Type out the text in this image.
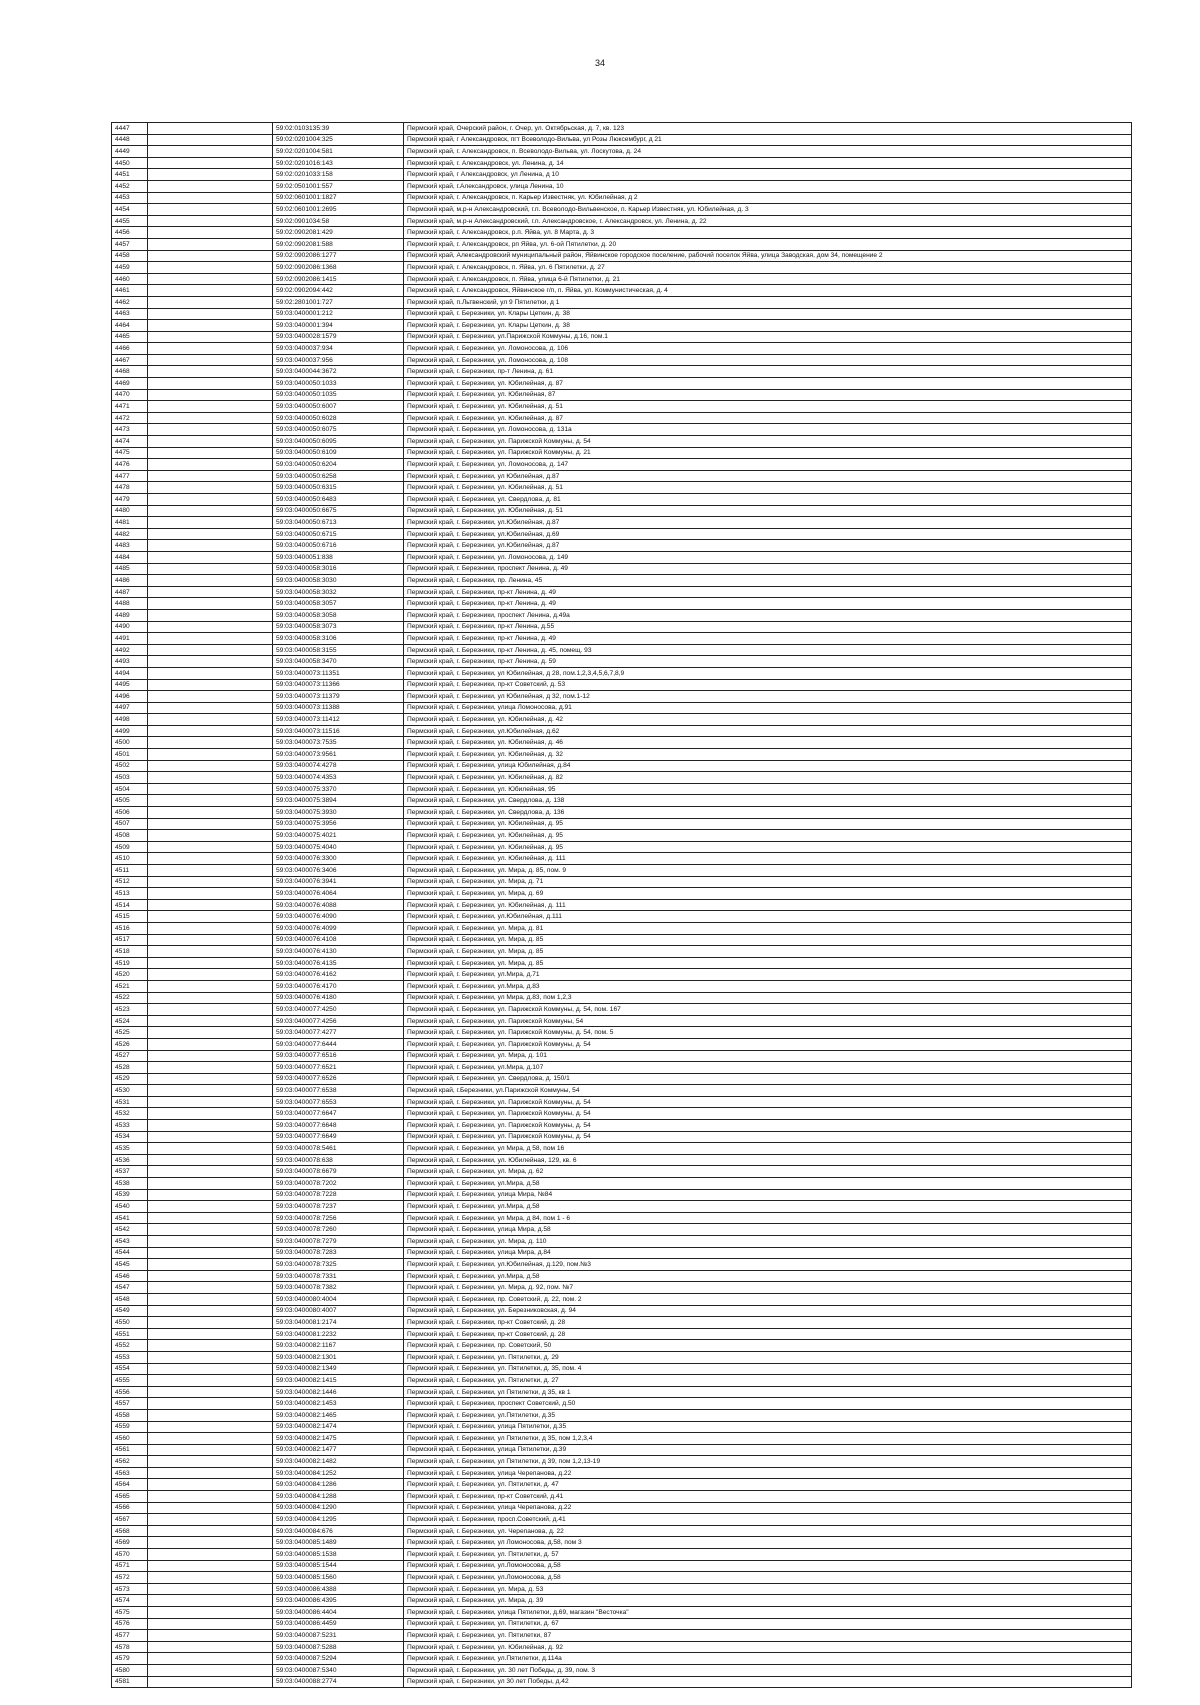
34
4447		59:02:0103135:39	Пермский край, Очерский район, г. Очер, ул. Октябрьская, д. 7, кв. 123
4448		59:02:0201004:325	Пермский край, г Александровск, пгт Всеволодо-Вильва, ул Розы Люксембург, д 21
4449		59:02:0201004:581	Пермский край, г. Александровск, п. Всеволодо-Вильва, ул. Лоскутова, д. 24
4450		59:02:0201016:143	Пермский край, г. Александровск, ул. Ленина, д. 14
4451		59:02:0201033:158	Пермский край, г Александровск, ул Ленина, д 10
4452		59:02:0501001:557	Пермский край, г.Александровск, улица Ленина, 10
4453		59:02:0601001:1827	Пермский край, г. Александровск, п. Карьер Известняк, ул. Юбилейная, д 2
4454		59:02:0601001:2695	Пермский край, м.р-н Александровский, г.п. Всеволодо-Вильвенское, п. Карьер Известняк, ул. Юбилейная, д. 3
4455		59:02:0901034:58	Пермский край, м.р-н Александровский, г.п. Александровское, г. Александровск, ул. Ленина, д. 22
4456		59:02:0902081:429	Пермский край, г. Александровск, р.п. Яйва, ул. 8 Марта, д. 3
4457		59:02:0902081:588	Пермский край, г. Александровск, рп Яйва, ул. 6-ой Пятилетки, д. 20
4458		59:02:0902086:1277	Пермский край, Александровский муниципальный район, Яйвинское городское поселение, рабочий поселок Яйва, улица Заводская, дом 34, помещение 2
4459		59:02:0902086:1368	Пермский край, г. Александровск, п. Яйва, ул. 6 Пятилетки, д. 27
4460		59:02:0902086:1415	Пермский край, г. Александровск, п. Яйва, улица 6-й Пятилетки, д. 21
4461		59:02:0902094:442	Пермский край, г. Александровск, Яйвинское г/п, п. Яйва, ул. Коммунистическая, д. 4
4462		59:02:2801001:727	Пермский край, п.Льтвенский, ул 9 Пятилетки, д 1
4463		59:03:0400001:212	Пермский край, г. Березники, ул. Клары Цеткин, д. 38
4464		59:03:0400001:394	Пермский край, г. Березники, ул. Клары Цеткин, д. 38
4465		59:03:0400028:1579	Пермский край, г. Березники, ул.Парижской Коммуны, д.16, пом.1
4466		59:03:0400037:934	Пермский край, г. Березники, ул. Ломоносова, д. 106
4467		59:03:0400037:956	Пермский край, г. Березники, ул. Ломоносова, д. 108
4468		59:03:0400044:3672	Пермский край, г. Березники, пр-т Ленина, д. 61
4469		59:03:0400050:1033	Пермский край, г. Березники, ул. Юбилейная, д. 87
4470		59:03:0400050:1035	Пермский край, г. Березники, ул. Юбилейная, 87
4471		59:03:0400050:6007	Пермский край, г. Березники, ул. Юбилейная, д. 51
4472		59:03:0400050:6028	Пермский край, г. Березники, ул. Юбилейная, д. 87
4473		59:03:0400050:6075	Пермский край, г. Березники, ул. Ломоносова, д. 131а
4474		59:03:0400050:6095	Пермский край, г. Березники, ул. Парижской Коммуны, д. 54
4475		59:03:0400050:6109	Пермский край, г. Березники, ул. Парижской Коммуны, д. 21
4476		59:03:0400050:6204	Пермский край, г. Березники, ул. Ломоносова, д. 147
4477		59:03:0400050:6258	Пермский край, г. Березники, ул Юбилейная, д.87
4478		59:03:0400050:6315	Пермский край, г. Березники, ул. Юбилейная, д. 51
4479		59:03:0400050:6483	Пермский край, г. Березники, ул. Свердлова, д. 81
4480		59:03:0400050:6675	Пермский край, г. Березники, ул. Юбилейная, д. 51
4481		59:03:0400050:6713	Пермский край, г. Березники, ул.Юбилейная, д.87
4482		59:03:0400050:6715	Пермский край, г. Березники, ул.Юбилейная, д.69
4483		59:03:0400050:6716	Пермский край, г. Березники, ул.Юбилейная, д.87
4484		59:03:0400051:838	Пермский край, г. Березники, ул. Ломоносова, д. 149
4485		59:03:0400058:3016	Пермский край, г. Березники, проспект Ленина, д. 49
4486		59:03:0400058:3030	Пермский край, г. Березники, пр. Ленина, 45
4487		59:03:0400058:3032	Пермский край, г. Березники, пр-кт Ленина, д. 49
4488		59:03:0400058:3057	Пермский край, г. Березники, пр-кт Ленина, д. 49
4489		59:03:0400058:3058	Пермский край, г. Березники, проспект Ленина, д.49а
4490		59:03:0400058:3073	Пермский край, г. Березники, пр-кт Ленина, д.55
4491		59:03:0400058:3106	Пермский край, г. Березники, пр-кт Ленина, д. 49
4492		59:03:0400058:3155	Пермский край, г. Березники, пр-кт Ленина, д. 45, помещ. 93
4493		59:03:0400058:3470	Пермский край, г. Березники, пр-кт Ленина, д. 59
4494		59:03:0400073:11351	Пермский край, г. Березники, ул Юбилейная, д 28, пом.1,2,3,4,5,6,7,8,9
4495		59:03:0400073:11366	Пермский край, г. Березники, пр-кт Советский, д. 53
4496		59:03:0400073:11379	Пермский край, г. Березники, ул Юбилейная, д 32, пом.1-12
4497		59:03:0400073:11388	Пермский край, г. Березники, улица Ломоносова, д.91
4498		59:03:0400073:11412	Пермский край, г. Березники, ул. Юбилейная, д. 42
4499		59:03:0400073:11516	Пермский край, г. Березники, ул.Юбилейная, д.62
4500		59:03:0400073:7535	Пермский край, г. Березники, ул. Юбилейная, д. 46
4501		59:03:0400073:9561	Пермский край, г. Березники, ул. Юбилейная, д. 32
4502		59:03:0400074:4278	Пермский край, г. Березники, улица Юбилейная, д.84
4503		59:03:0400074:4353	Пермский край, г. Березники, ул. Юбилейная, д. 82
4504		59:03:0400075:3370	Пермский край, г. Березники, ул. Юбилейная, 95
4505		59:03:0400075:3894	Пермский край, г. Березники, ул. Свердлова, д. 138
4506		59:03:0400075:3930	Пермский край, г. Березники, ул. Свердлова, д. 136
4507		59:03:0400075:3956	Пермский край, г. Березники, ул. Юбилейная, д. 95
4508		59:03:0400075:4021	Пермский край, г. Березники, ул. Юбилейная, д. 95
4509		59:03:0400075:4040	Пермский край, г. Березники, ул. Юбилейная, д. 95
4510		59:03:0400076:3300	Пермский край, г. Березники, ул. Юбилейная, д. 111
4511		59:03:0400076:3406	Пермский край, г. Березники, ул. Мира, д. 85, пом. 9
4512		59:03:0400076:3941	Пермский край, г. Березники, ул. Мира, д. 71
4513		59:03:0400076:4064	Пермский край, г. Березники, ул. Мира, д. 69
4514		59:03:0400076:4088	Пермский край, г. Березники, ул. Юбилейная, д. 111
4515		59:03:0400076:4090	Пермский край, г. Березники, ул.Юбилейная, д.111
4516		59:03:0400076:4099	Пермский край, г. Березники, ул. Мира, д. 81
4517		59:03:0400076:4108	Пермский край, г. Березники, ул. Мира, д. 85
4518		59:03:0400076:4130	Пермский край, г. Березники, ул. Мира, д. 85
4519		59:03:0400076:4135	Пермский край, г. Березники, ул. Мира, д. 85
4520		59:03:0400076:4162	Пермский край, г. Березники, ул.Мира, д.71
4521		59:03:0400076:4170	Пермский край, г. Березники, ул.Мира, д.83
4522		59:03:0400076:4180	Пермский край, г. Березники, ул Мира, д.83, пом 1,2,3
4523		59:03:0400077:4250	Пермский край, г. Березники, ул. Парижской Коммуны, д. 54, пом. 167
4524		59:03:0400077:4256	Пермский край, г. Березники, ул. Парижской Коммуны, 54
4525		59:03:0400077:4277	Пермский край, г. Березники, ул. Парижской Коммуны, д. 54, пом. 5
4526		59:03:0400077:6444	Пермский край, г. Березники, ул. Парижской Коммуны, д. 54
4527		59:03:0400077:6516	Пермский край, г. Березники, ул. Мира, д. 101
4528		59:03:0400077:6521	Пермский край, г. Березники, ул.Мира, д.107
4529		59:03:0400077:6526	Пермский край, г. Березники, ул. Свердлова, д. 150/1
4530		59:03:0400077:6538	Пермский край, г.Березники, ул.Парижской Коммуны, 54
4531		59:03:0400077:6553	Пермский край, г. Березники, ул. Парижской Коммуны, д. 54
4532		59:03:0400077:6647	Пермский край, г. Березники, ул. Парижской Коммуны, д. 54
4533		59:03:0400077:6648	Пермский край, г. Березники, ул. Парижской Коммуны, д. 54
4534		59:03:0400077:6649	Пермский край, г. Березники, ул. Парижской Коммуны, д. 54
4535		59:03:0400078:5461	Пермский край, г. Березники, ул Мира, д 58, пом 16
4536		59:03:0400078:638	Пермский край, г. Березники, ул. Юбилейная, 129, кв. 6
4537		59:03:0400078:6679	Пермский край, г. Березники, ул. Мира, д. 62
4538		59:03:0400078:7202	Пермский край, г. Березники, ул.Мира, д.58
4539		59:03:0400078:7228	Пермский край, г. Березники, улица Мира, №84
4540		59:03:0400078:7237	Пермский край, г. Березники, ул.Мира, д.58
4541		59:03:0400078:7256	Пермский край, г. Березники, ул Мира, д 84, пом 1 - 6
4542		59:03:0400078:7260	Пермский край, г. Березники, улица Мира, д.58
4543		59:03:0400078:7279	Пермский край, г. Березники, ул. Мира, д. 110
4544		59:03:0400078:7283	Пермский край, г. Березники, улица Мира, д.84
4545		59:03:0400078:7325	Пермский край, г. Березники, ул.Юбилейная, д.129, пом.№3
4546		59:03:0400078:7331	Пермский край, г. Березники, ул.Мира, д.58
4547		59:03:0400078:7382	Пермский край, г. Березники, ул. Мира, д. 92, пом. №7
4548		59:03:0400080:4004	Пермский край, г. Березники, пр. Советский, д. 22, пом. 2
4549		59:03:0400080:4007	Пермский край, г. Березники, ул. Березниковская, д. 94
4550		59:03:0400081:2174	Пермский край, г. Березники, пр-кт Советский, д. 28
4551		59:03:0400081:2232	Пермский край, г. Березники, пр-кт Советский, д. 28
4552		59:03:0400082:1167	Пермский край, г. Березники, пр. Советский, 50
4553		59:03:0400082:1301	Пермский край, г. Березники, ул. Пятилетки, д. 29
4554		59:03:0400082:1349	Пермский край, г. Березники, ул. Пятилетки, д. 35, пом. 4
4555		59:03:0400082:1415	Пермский край, г. Березники, ул. Пятилетки, д. 27
4556		59:03:0400082:1446	Пермский край, г. Березники, ул Пятилетки, д 35, кв 1
4557		59:03:0400082:1453	Пермский край, г. Березники, проспект Советский, д.50
4558		59:03:0400082:1465	Пермский край, г. Березники, ул.Пятилетки, д.35
4559		59:03:0400082:1474	Пермский край, г. Березники, улица Пятилетки, д.35
4560		59:03:0400082:1475	Пермский край, г. Березники, ул Пятилетки, д 35, пом 1,2,3,4
4561		59:03:0400082:1477	Пермский край, г. Березники, улица Пятилетки, д.39
4562		59:03:0400082:1482	Пермский край, г. Березники, ул Пятилетки, д 39, пом 1,2,13-19
4563		59:03:0400084:1252	Пермский край, г. Березники, улица Черепанова, д.22
4564		59:03:0400084:1286	Пермский край, г. Березники, ул. Пятилетки, д. 47
4565		59:03:0400084:1288	Пермский край, г. Березники, пр-кт Советский, д.41
4566		59:03:0400084:1290	Пермский край, г. Березники, улица Черепанова, д.22
4567		59:03:0400084:1295	Пермский край, г. Березники, просп.Советский, д.41
4568		59:03:0400084:676	Пермский край, г. Березники, ул. Черепанова, д. 22
4569		59:03:0400085:1489	Пермский край, г. Березники, ул Ломоносова, д.58, пом 3
4570		59:03:0400085:1538	Пермский край, г. Березники, ул. Пятилетки, д. 57
4571		59:03:0400085:1544	Пермский край, г. Березники, ул.Ломоносова, д.58
4572		59:03:0400085:1560	Пермский край, г. Березники, ул.Ломоносова, д.58
4573		59:03:0400086:4388	Пермский край, г. Березники, ул. Мира, д. 53
4574		59:03:0400086:4395	Пермский край, г. Березники, ул. Мира, д. 39
4575		59:03:0400086:4404	Пермский край, г. Березники, улица Пятилетки, д.69, магазин "Весточка"
4576		59:03:0400086:4459	Пермский край, г. Березники, ул. Пятилетки, д. 67
4577		59:03:0400087:5231	Пермский край, г. Березники, ул. Пятилетки, 87
4578		59:03:0400087:5288	Пермский край, г. Березники, ул. Юбилейная, д. 92
4579		59:03:0400087:5294	Пермский край, г. Березники, ул.Пятилетки, д.114а
4580		59:03:0400087:5340	Пермский край, г. Березники, ул. 30 лет Победы, д. 39, пом. 3
4581		59:03:0400088:2774	Пермский край, г. Березники, ул 30 лет Победы, д.42
